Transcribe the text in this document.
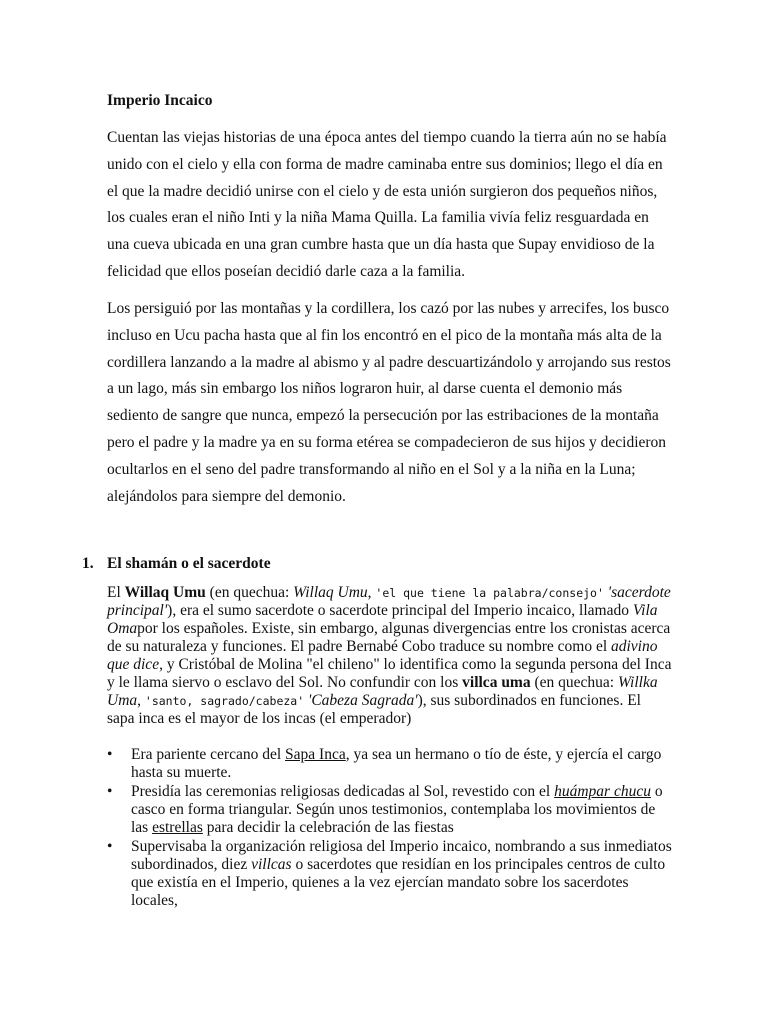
Imperio Incaico

Cuentan las viejas historias de una época antes del tiempo cuando la tierra aún no se había unido con el cielo y ella con forma de madre caminaba entre sus dominios; llego el día en el que la madre decidió unirse con el cielo y de esta unión surgieron dos pequeños niños, los cuales eran el niño Inti y la niña Mama Quilla. La familia vivía feliz resguardada en una cueva ubicada en una gran cumbre hasta que un día hasta que Supay envidioso de la felicidad que ellos poseían decidió darle caza a la familia.

Los persiguió por las montañas y la cordillera, los cazó por las nubes y arrecifes, los busco incluso en Ucu pacha hasta que al fin los encontró en el pico de la montaña más alta de la cordillera lanzando a la madre al abismo y al padre descuartizándolo y arrojando sus restos a un lago, más sin embargo los niños lograron huir, al darse cuenta el demonio más sediento de sangre que nunca, empezó la persecución por las estribaciones de la montaña pero el padre y la madre ya en su forma etérea se compadecieron de sus hijos y decidieron ocultarlos en el seno del padre transformando al niño en el Sol y a la niña en la Luna; alejándolos para siempre del demonio.

1. El shamán o el sacerdote

El Willaq Umu (en quechua: Willaq Umu, 'el que tiene la palabra/consejo' 'sacerdote principal'), era el sumo sacerdote o sacerdote principal del Imperio incaico, llamado Vila Omapor los españoles. Existe, sin embargo, algunas divergencias entre los cronistas acerca de su naturaleza y funciones. El padre Bernabé Cobo traduce su nombre como el adivino que dice, y Cristóbal de Molina "el chileno" lo identifica como la segunda persona del Inca y le llama siervo o esclavo del Sol. No confundir con los villca uma (en quechua: Willka Uma, 'santo, sagrado/cabeza' 'Cabeza Sagrada'), sus subordinados en funciones. El sapa inca es el mayor de los incas (el emperador)

• Era pariente cercano del Sapa Inca, ya sea un hermano o tío de éste, y ejercía el cargo hasta su muerte.
• Presidía las ceremonias religiosas dedicadas al Sol, revestido con el huámpar chucu o casco en forma triangular. Según unos testimonios, contemplaba los movimientos de las estrellas para decidir la celebración de las fiestas
• Supervisaba la organización religiosa del Imperio incaico, nombrando a sus inmediatos subordinados, diez villcas o sacerdotes que residían en los principales centros de culto que existía en el Imperio, quienes a la vez ejercían mandato sobre los sacerdotes locales,
